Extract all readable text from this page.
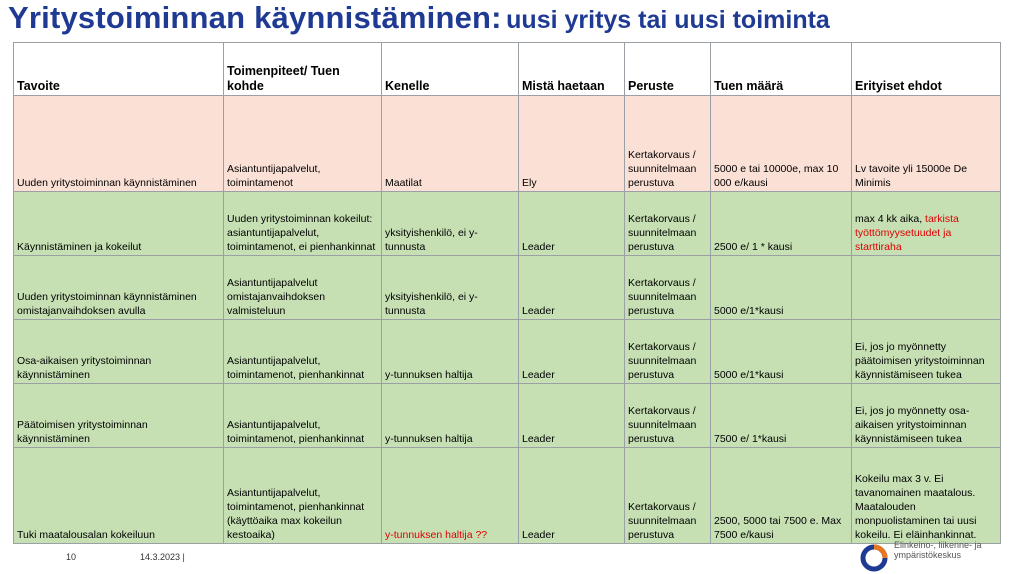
Yritystoiminnan käynnistäminen: uusi yritys tai uusi toiminta
Tavoite	Toimenpiteet/ Tuen kohde	Kenelle	Mistä haetaan	Peruste	Tuen määrä	Erityiset ehdot
Uuden yritystoiminnan käynnistäminen	Asiantuntijapalvelut, toimintamenot	Maatilat	Ely	Kertakorvaus / suunnitelmaan perustuva	5000 e tai 10000e, max 10 000 e/kausi	Lv tavoite yli 15000e De Minimis
Käynnistäminen ja kokeilut	Uuden yritystoiminnan kokeilut: asiantuntijapalvelut, toimintamenot, ei pienhankinnat	yksityishenkilö, ei y-tunnusta	Leader	Kertakorvaus / suunnitelmaan perustuva	2500 e/ 1 * kausi	max 4 kk aika, tarkista työttömyysetuudet ja starttiraha
Uuden yritystoiminnan käynnistäminen omistajanvaihdoksen avulla	Asiantuntijapalvelut omistajanvaihdoksen valmisteluun	yksityishenkilö, ei y-tunnusta	Leader	Kertakorvaus / suunnitelmaan perustuva	5000 e/1*kausi	
Osa-aikaisen yritystoiminnan käynnistäminen	Asiantuntijapalvelut, toimintamenot, pienhankinnat	y-tunnuksen haltija	Leader	Kertakorvaus / suunnitelmaan perustuva	5000 e/1*kausi	Ei, jos jo myönnetty päätoimisen yritystoiminnan käynnistämiseen tukea
Päätoimisen yritystoiminnan käynnistäminen	Asiantuntijapalvelut, toimintamenot, pienhankinnat	y-tunnuksen haltija	Leader	Kertakorvaus / suunnitelmaan perustuva	7500 e/ 1*kausi	Ei, jos jo myönnetty osa-aikaisen yritystoiminnan käynnistämiseen tukea
Tuki maatalousalan kokeiluun	Asiantuntijapalvelut, toimintamenot, pienhankinnat (käyttöaika max kokeilun kestoaika)	y-tunnuksen haltija ??	Leader	Kertakorvaus / suunnitelmaan perustuva	2500, 5000 tai 7500 e. Max 7500 e/kausi	Kokeilu max 3 v. Ei tavanomainen maatalous. Maatalouden monpuolistaminen tai uusi kokeilu. Ei eläinhankinnat.
10	14.3.2023 |
Elinkeino-, liikenne- ja
ympäristökeskus
